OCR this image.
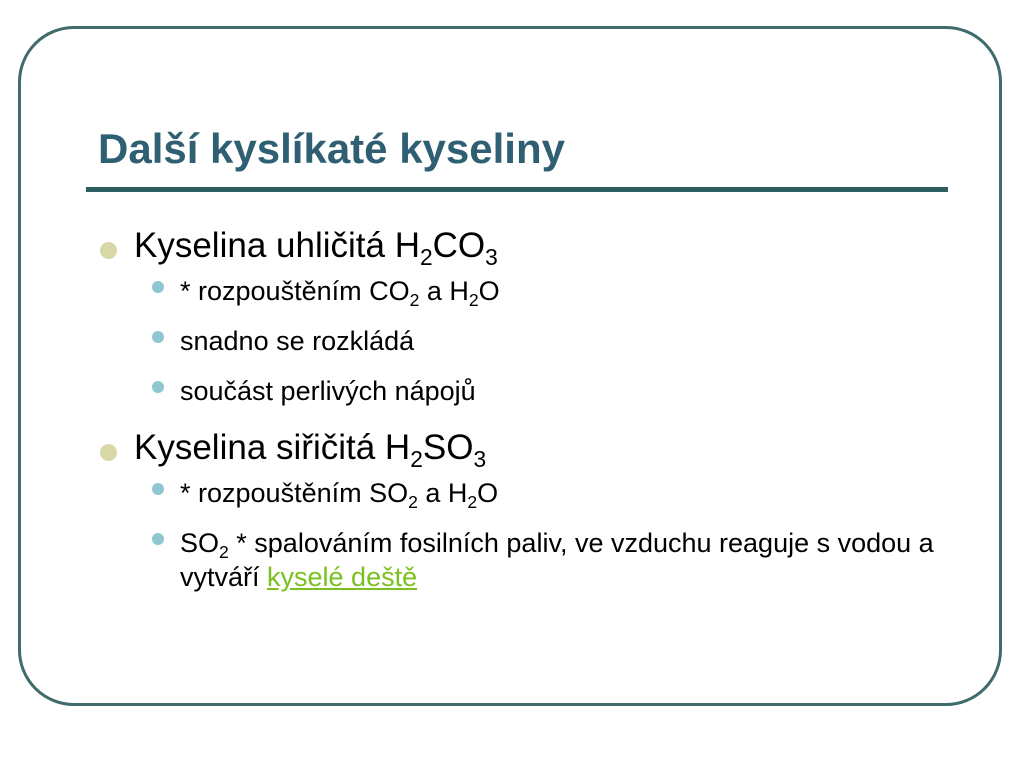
Další kyslíkaté kyseliny
Kyselina uhličitá $H_2CO_3$
* rozpouštěním $CO_2$ a $H_2O$
snadno se rozkládá
součást perlivých nápojů
Kyselina siřičitá $H_2SO_3$
* rozpouštěním $SO_2$ a $H_2O$
$SO_2$ * spalováním fosilních paliv, ve vzduchu reaguje s vodou a vytváří kyselé deště
